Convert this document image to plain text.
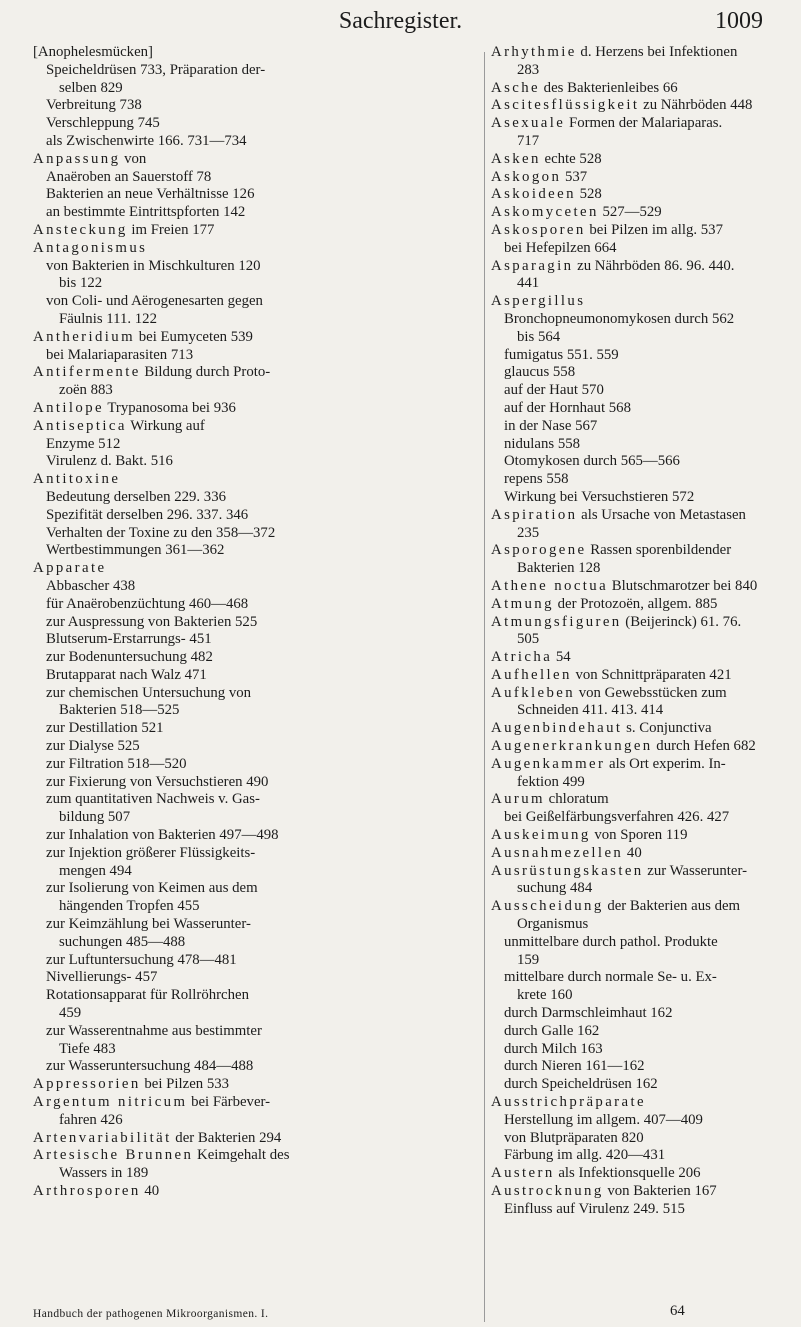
Sachregister.	1009
[Anophelesmücken]
Speicheldrüsen 733, Präparation der-
selben 829
Verbreitung 738
Verschleppung 745
als Zwischenwirte 166. 731—734
Anpassung von
Anaëroben an Sauerstoff 78
Bakterien an neue Verhältnisse 126
an bestimmte Eintrittspforten 142
Ansteckung im Freien 177
Antagonismus
von Bakterien in Mischkulturen 120
bis 122
von Coli- und Aërogenesarten gegen
Fäulnis 111. 122
Antheridium bei Eumyceten 539
bei Malariaparasiten 713
Antifermente Bildung durch Proto-
zoën 883
Antilope Trypanosoma bei 936
Antiseptica Wirkung auf
Enzyme 512
Virulenz d. Bakt. 516
Antitoxine
Bedeutung derselben 229. 336
Spezifität derselben 296. 337. 346
Verhalten der Toxine zu den 358—372
Wertbestimmungen 361—362
Apparate
Abbascher 438
für Anaërobenzüchtung 460—468
zur Auspressung von Bakterien 525
Blutserum-Erstarrungs- 451
zur Bodenuntersuchung 482
Brutapparat nach Walz 471
zur chemischen Untersuchung von
Bakterien 518—525
zur Destillation 521
zur Dialyse 525
zur Filtration 518—520
zur Fixierung von Versuchstieren 490
zum quantitativen Nachweis v. Gas-
bildung 507
zur Inhalation von Bakterien 497—498
zur Injektion größerer Flüssigkeits-
mengen 494
zur Isolierung von Keimen aus dem
hängenden Tropfen 455
zur Keimzählung bei Wasserunter-
suchungen 485—488
zur Luftuntersuchung 478—481
Nivellierungs- 457
Rotationsapparat für Rollröhrchen
459
zur Wasserentnahme aus bestimmter
Tiefe 483
zur Wasseruntersuchung 484—488
Appressorien bei Pilzen 533
Argentum nitricum bei Färbever-
fahren 426
Artenvariabilität der Bakterien 294
Artesische Brunnen Keimgehalt des
Wassers in 189
Arthrosporen 40
Arhythmie d. Herzens bei Infektionen
283
Asche des Bakterienleibes 66
Ascitesflüssigkeit zu Nährböden 448
Asexuale Formen der Malariaparas.
717
Asken echte 528
Askogon 537
Askoideen 528
Askomyceten 527—529
Askosporen bei Pilzen im allg. 537
bei Hefepilzen 664
Asparagin zu Nährböden 86. 96. 440.
441
Aspergillus
Bronchopneumonomykosen durch 562
bis 564
fumigatus 551. 559
glaucus 558
auf der Haut 570
auf der Hornhaut 568
in der Nase 567
nidulans 558
Otomykosen durch 565—566
repens 558
Wirkung bei Versuchstieren 572
Aspiration als Ursache von Metastasen
235
Asporogene Rassen sporenbildender
Bakterien 128
Athene noctua Blutschmarotzer bei 840
Atmung der Protozoën, allgem. 885
Atmungsfiguren (Beijerinck) 61. 76.
505
Atricha 54
Aufhellen von Schnittpräparaten 421
Aufkleben von Gewebsstücken zum
Schneiden 411. 413. 414
Augenbindehaut s. Conjunctiva
Augenerkrankungen durch Hefen 682
Augenkammer als Ort experim. In-
fektion 499
Aurum chloratum
bei Geißelfärbungsverfahren 426. 427
Auskeimung von Sporen 119
Ausnahmezellen 40
Ausrüstungskasten zur Wasserunter-
suchung 484
Ausscheidung der Bakterien aus dem
Organismus
unmittelbare durch pathol. Produkte
159
mittelbare durch normale Se- u. Ex-
krete 160
durch Darmschleimhaut 162
durch Galle 162
durch Milch 163
durch Nieren 161—162
durch Speicheldrüsen 162
Ausstrichpräparate
Herstellung im allgem. 407—409
von Blutpräparaten 820
Färbung im allg. 420—431
Austern als Infektionsquelle 206
Austrocknung von Bakterien 167
Einfluss auf Virulenz 249. 515
Handbuch der pathogenen Mikroorganismen. I.	64
